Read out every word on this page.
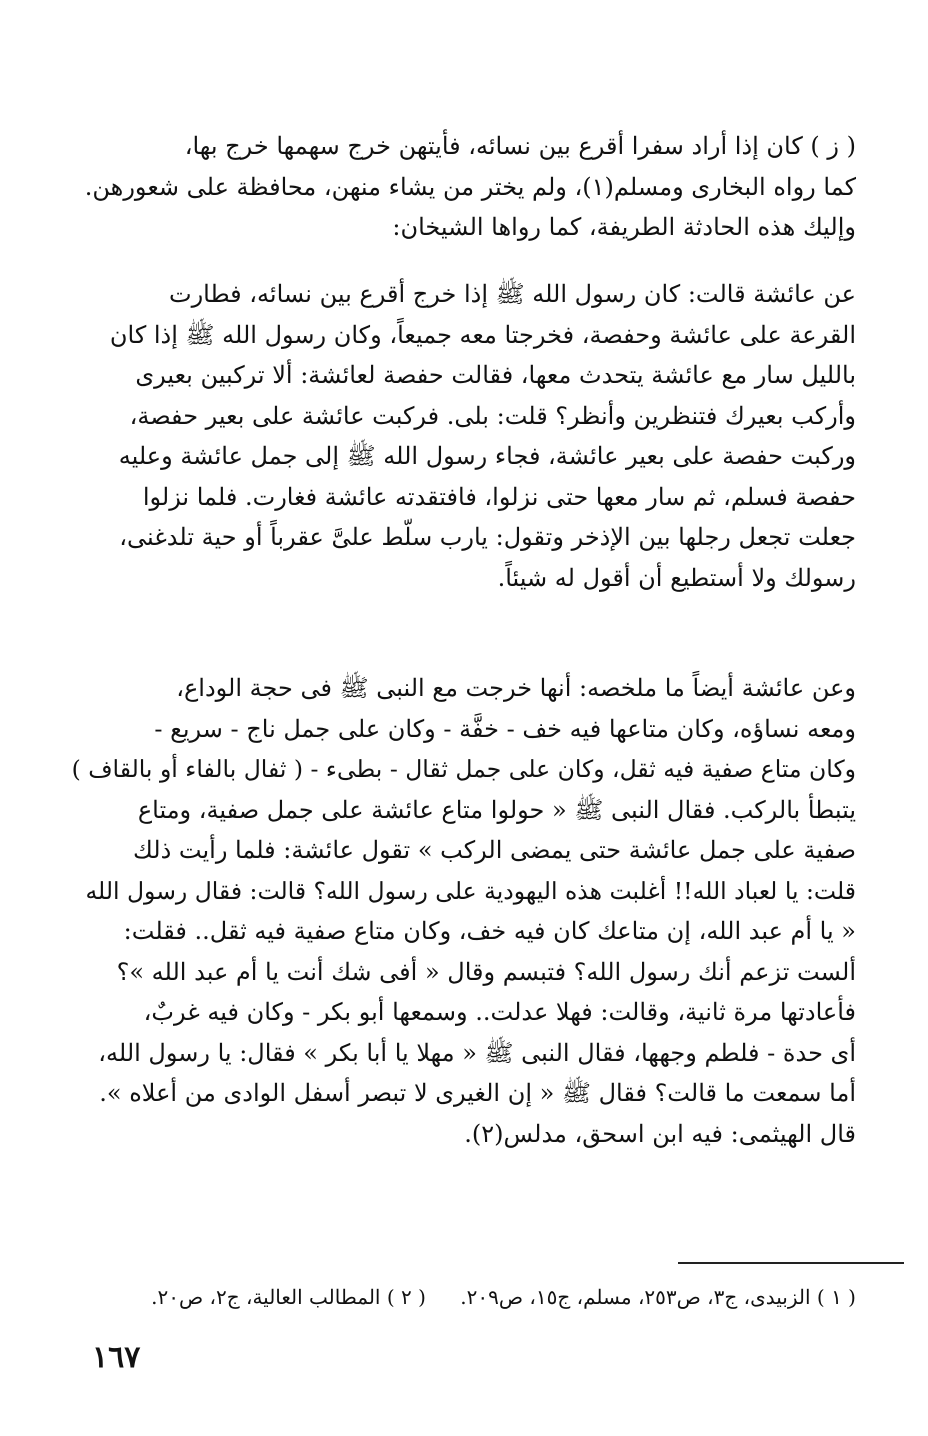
( ز ) كان إذا أراد سفرا أقرع بين نسائه، فأيتهن خرج سهمها خرج بها،
كما رواه البخارى ومسلم(١)، ولم يختر من يشاء منهن، محافظة على شعورهن.
وإليك هذه الحادثة الطريفة، كما رواها الشيخان:
عن عائشة قالت: كان رسول الله ﷺ إذا خرج أقرع بين نسائه، فطارت
القرعة على عائشة وحفصة، فخرجتا معه جميعاً، وكان رسول الله ﷺ إذا كان
بالليل سار مع عائشة يتحدث معها، فقالت حفصة لعائشة: ألا تركبين بعيرى
وأركب بعيرك فتنظرين وأنظر؟ قلت: بلى. فركبت عائشة على بعير حفصة،
وركبت حفصة على بعير عائشة، فجاء رسول الله ﷺ إلى جمل عائشة وعليه
حفصة فسلم، ثم سار معها حتى نزلوا، فافتقدته عائشة فغارت. فلما نزلوا
جعلت تجعل رجلها بين الإذخر وتقول: يارب سلّط علىَّ عقرباً أو حية تلدغنى،
رسولك ولا أستطيع أن أقول له شيئاً.
وعن عائشة أيضاً ما ملخصه: أنها خرجت مع النبى ﷺ فى حجة الوداع،
ومعه نساؤه، وكان متاعها فيه خف - خفَّة - وكان على جمل ناج - سريع -
وكان متاع صفية فيه ثقل، وكان على جمل ثقال - بطىء - ( ثفال بالفاء أو بالقاف )
يتبطأ بالركب. فقال النبى ﷺ « حولوا متاع عائشة على جمل صفية، ومتاع
صفية على جمل عائشة حتى يمضى الركب » تقول عائشة: فلما رأيت ذلك
قلت: يا لعباد الله!! أغلبت هذه اليهودية على رسول الله؟ قالت: فقال رسول الله
« يا أم عبد الله، إن متاعك كان فيه خف، وكان متاع صفية فيه ثقل.. فقلت:
ألست تزعم أنك رسول الله؟ فتبسم وقال « أفى شك أنت يا أم عبد الله »؟
فأعادتها مرة ثانية، وقالت: فهلا عدلت.. وسمعها أبو بكر - وكان فيه غربٌ،
أى حدة - فلطم وجهها، فقال النبى ﷺ « مهلا يا أبا بكر » فقال: يا رسول الله،
أما سمعت ما قالت؟ فقال ﷺ « إن الغيرى لا تبصر أسفل الوادى من أعلاه ».
قال الهيثمى: فيه ابن اسحق، مدلس(٢).
( ١ ) الزبيدى، ج٣، ص٢٥٣، مسلم، ج١٥، ص٢٠٩. ( ٢ ) المطالب العالية، ج٢، ص٢٠.
١٦٧
